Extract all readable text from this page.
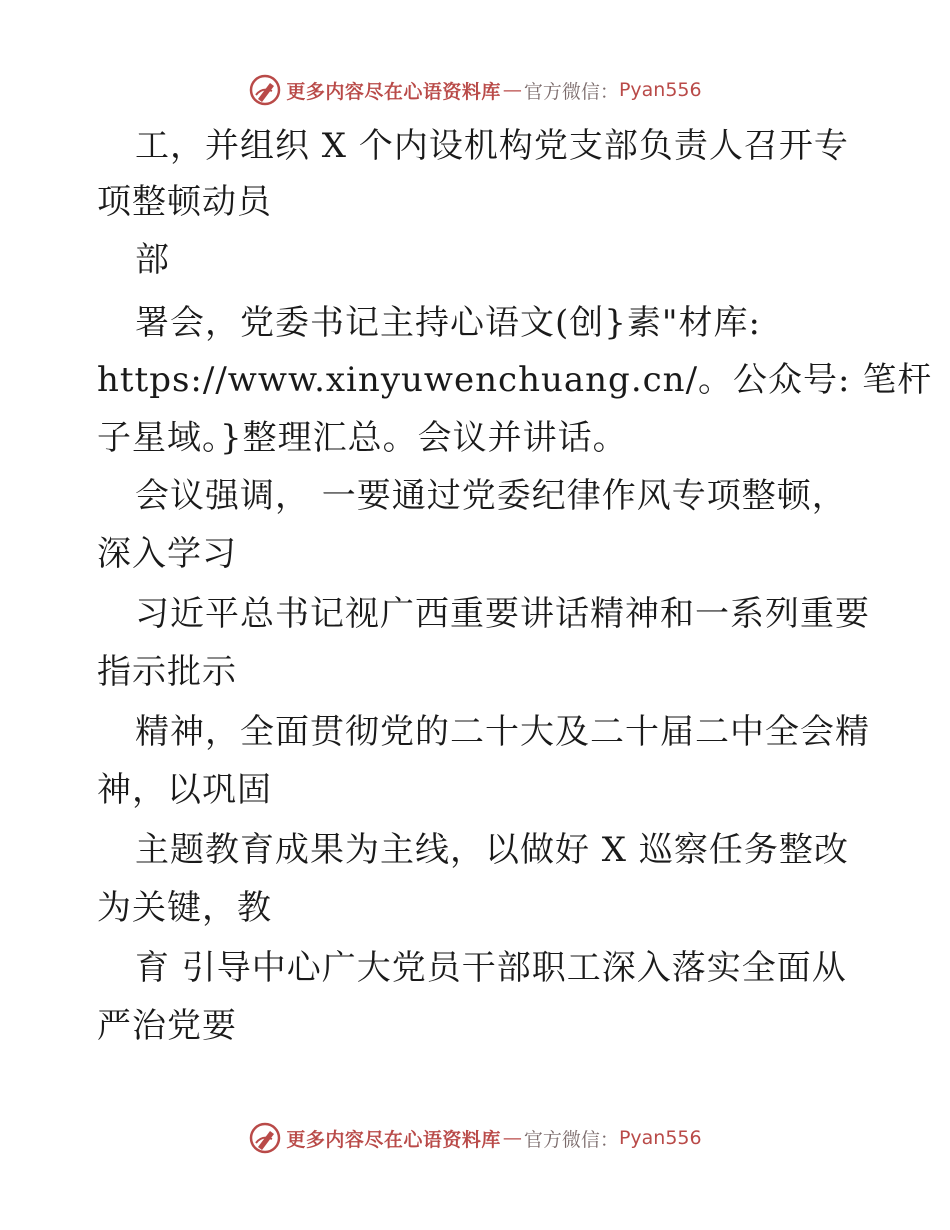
更多内容尽在心语资料库 — 官方微信： Pyan556
工，并组织 X 个内设机构党支部负责人召开专
项整顿动员
部
署会，党委书记主持心语文(创}素"材库:
https://www.xinyuwenchuang.cn/。公众号: 笔杆
子星域。}整理汇总。会议并讲话。
会议强调， 一要通过党委纪律作风专项整顿，
深入学习
习近平总书记视广西重要讲话精神和一系列重要
指示批示
精神，全面贯彻党的二十大及二十届二中全会精
神，以巩固
主题教育成果为主线，以做好 X 巡察任务整改
为关键，教
育 引导中心广大党员干部职工深入落实全面从
严治党要
更多内容尽在心语资料库 — 官方微信： Pyan556
